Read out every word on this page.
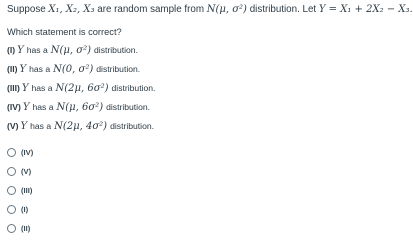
Suppose X₁, X₂, X₃ are random sample from N(μ, σ²) distribution. Let Y = X₁ + 2X₂ − X₃.

Which statement is correct?

(I) Y has a N(μ, σ²) distribution.
(II) Y has a N(0, σ²) distribution.
(III) Y has a N(2μ, 6σ²) distribution.
(IV) Y has a N(μ, 6σ²) distribution.
(V) Y has a N(2μ, 4σ²) distribution.
(IV)
(V)
(III)
(I)
(II)
